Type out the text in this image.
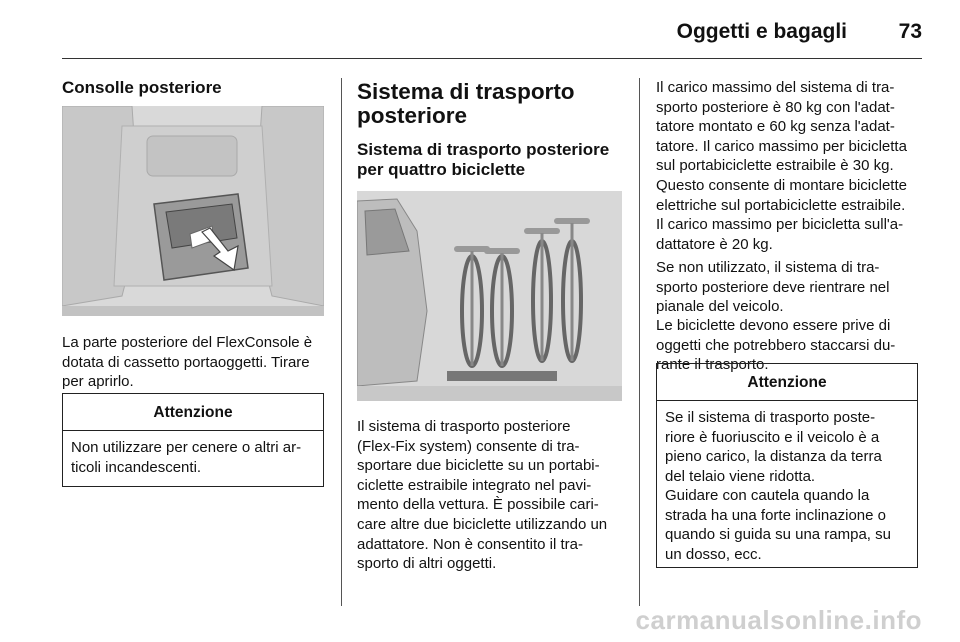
Oggetti e bagagli 73
Consolle posteriore

La parte posteriore del FlexConsole è
dotata di cassetto portaoggetti. Tirare
per aprirlo.

Attenzione

Non utilizzare per cenere o altri ar-
ticoli incandescenti.

Sistema di trasporto
posteriore
Sistema di trasporto posteriore
per quattro biciclette

Il sistema di trasporto posteriore
(Flex-Fix system) consente di tra-
sportare due biciclette su un portabi-
ciclette estraibile integrato nel pavi-
mento della vettura. È possibile cari-
care altre due biciclette utilizzando un
adattatore. Non è consentito il tra-
sporto di altri oggetti.

Il carico massimo del sistema di tra-
sporto posteriore è 80 kg con l'adat-
tatore montato e 60 kg senza l'adat-
tatore. Il carico massimo per bicicletta
sul portabiciclette estraibile è 30 kg.
Questo consente di montare biciclette
elettriche sul portabiciclette estraibile.
Il carico massimo per bicicletta sull'a-
dattatore è 20 kg.

Se non utilizzato, il sistema di tra-
sporto posteriore deve rientrare nel
pianale del veicolo.

Le biciclette devono essere prive di
oggetti che potrebbero staccarsi du-
rante il trasporto.

Attenzione

Se il sistema di trasporto poste-
riore è fuoriuscito e il veicolo è a
pieno carico, la distanza da terra
del telaio viene ridotta.

Guidare con cautela quando la
strada ha una forte inclinazione o
quando si guida su una rampa, su
un dosso, ecc.

carmanualsonline.info
